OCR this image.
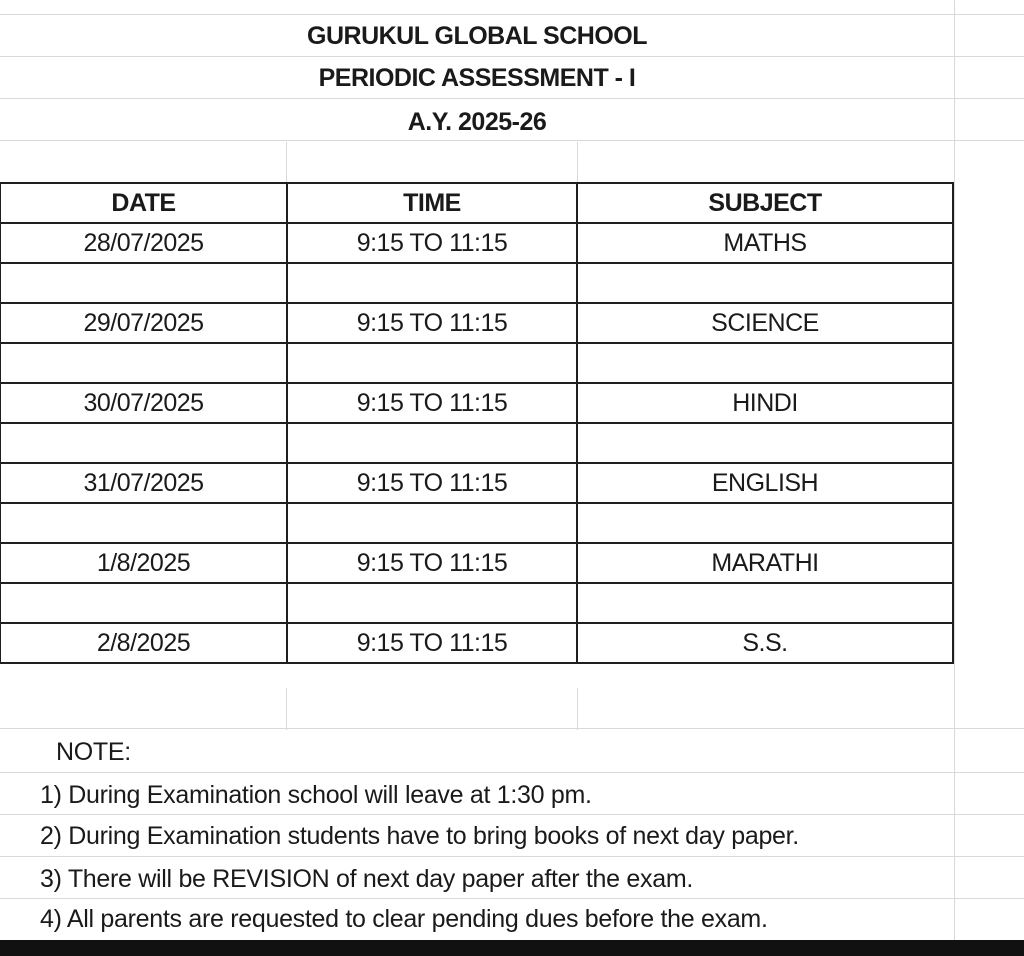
GURUKUL GLOBAL SCHOOL
PERIODIC ASSESSMENT - I
A.Y. 2025-26
DATE	TIME	SUBJECT
28/07/2025	9:15 TO 11:15	MATHS

29/07/2025	9:15 TO 11:15	SCIENCE

30/07/2025	9:15 TO 11:15	HINDI

31/07/2025	9:15 TO 11:15	ENGLISH

1/8/2025	9:15 TO 11:15	MARATHI

2/8/2025	9:15 TO 11:15	S.S.
NOTE:
1) During Examination school will leave at 1:30 pm.
2) During Examination students have to bring books of next day paper.
3) There will be REVISION of next day paper after the exam.
4) All parents are requested to clear pending dues before the exam.
